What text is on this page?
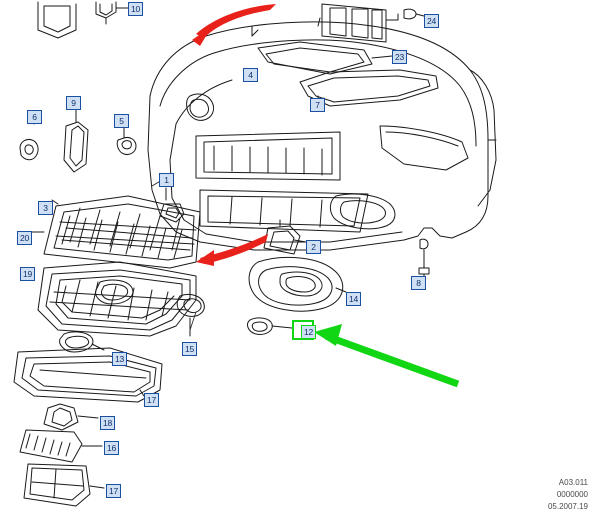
10
24
23
4
7
6
9
5
1
3
20
2
19
8
14
13
15
17
18
16
17
12
A03.011
0000000
05.2007.19
